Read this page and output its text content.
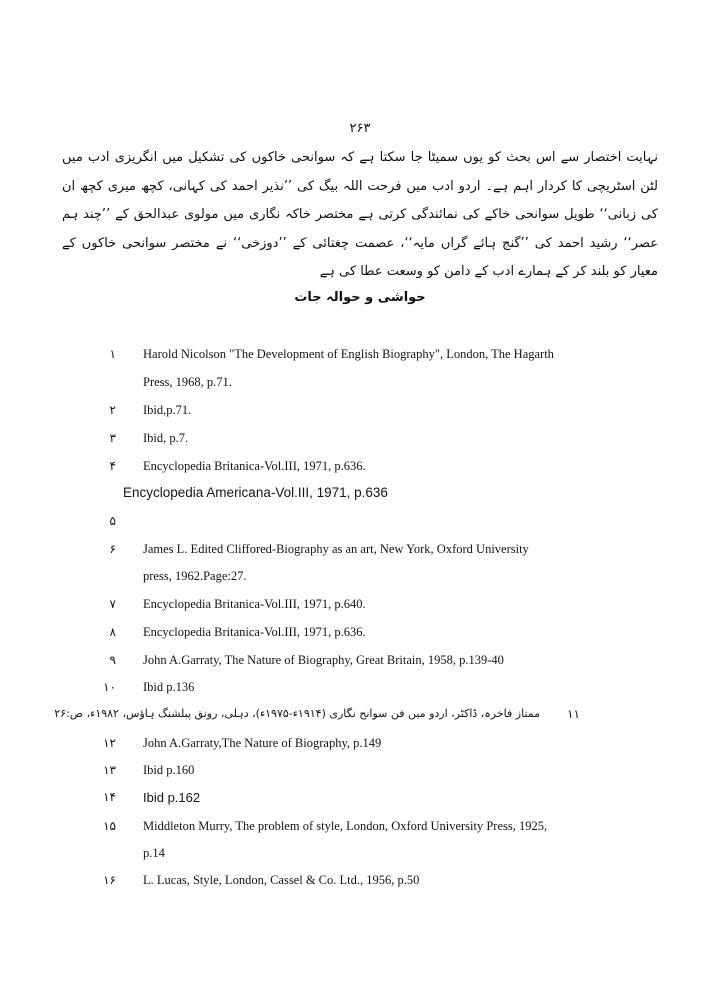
۲۶۳
نہایت اختصار سے اس بحث کو یوں سمیٹا جا سکتا ہے کہ سوانحی خاکوں کی تشکیل میں انگریزی ادب میں لٹن اسٹریچی کا کردار اہم ہے۔ اردو ادب میں فرحت اللہ بیگ کی ’’نذیر احمد کی کہانی، کچھ میری کچھ ان کی زبانی‘‘ طویل سوانحی خاکے کی نمائندگی کرتی ہے مختصر خاکہ نگاری میں مولوی عبدالحق کے ’’چند ہم عصر‘‘ رشید احمد کی ’’گنج ہائے گراں مایہ‘‘، عصمت چغتائی کے ’’دوزخی‘‘ نے مختصر سوانحی خاکوں کے معیار کو بلند کر کے ہمارے ادب کے دامن کو وسعت عطا کی ہے
حواشی و حوالہ جات
۱ Harold Nicolson "The Development of English Biography", London, The Hagarth
Press, 1968, p.71.
۲ Ibid,p.71.
۳ Ibid, p.7.
۴ Encyclopedia Britanica-Vol.III, 1971, p.636.
Encyclopedia Americana-Vol.III, 1971, p.636
۵
۶ James L. Edited Cliffored-Biography as an art, New York, Oxford University
press, 1962.Page:27.
۷ Encyclopedia Britanica-Vol.III, 1971, p.640.
۸ Encyclopedia Britanica-Vol.III, 1971, p.636.
۹ John A.Garraty, The Nature of Biography, Great Britain, 1958, p.139-40
۱۰ Ibid p.136
۱۱
ممتاز فاخرہ، ڈاکٹر، اردو میں فن سوانح نگاری (۱۹۱۴ء-۱۹۷۵ء)، دہلی، رونق پبلشنگ ہاؤس، ۱۹۸۲ء، ص:۲۶
۱۲ John A.Garraty,The Nature of Biography, p.149
۱۳ Ibid p.160
۱۴ Ibid p.162
۱۵ Middleton Murry, The problem of style, London, Oxford University Press, 1925,
p.14
۱۶ L. Lucas, Style, London, Cassel & Co. Ltd., 1956, p.50
